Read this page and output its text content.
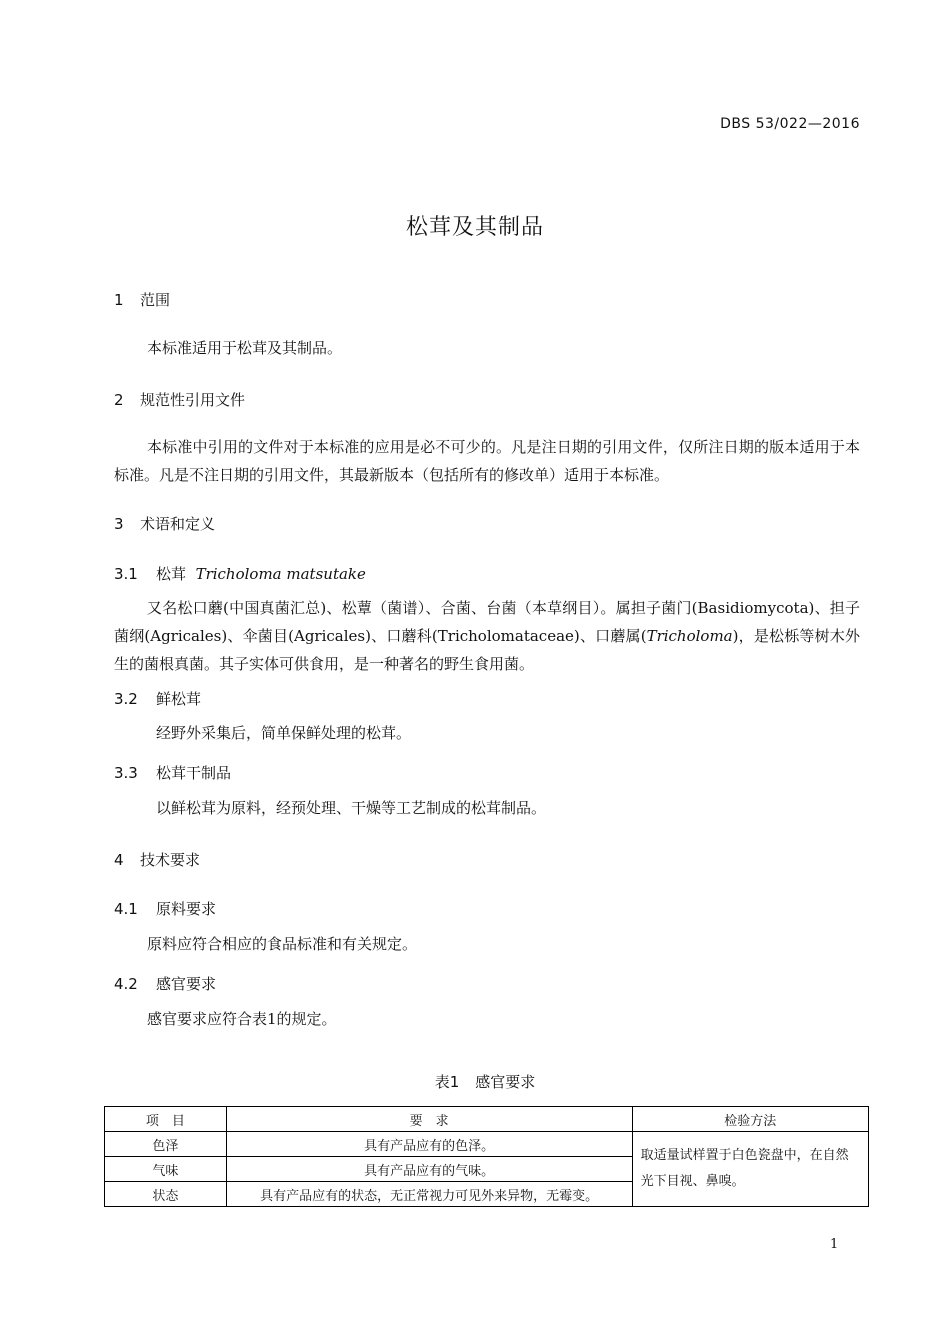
DBS 53/022—2016
松茸及其制品
1 范围
本标准适用于松茸及其制品。
2 规范性引用文件
本标准中引用的文件对于本标准的应用是必不可少的。凡是注日期的引用文件，仅所注日期的版本适用于本标准。凡是不注日期的引用文件，其最新版本（包括所有的修改单）适用于本标准。
3 术语和定义
3.1 松茸 Tricholoma matsutake
又名松口蘑(中国真菌汇总)、松蕈（菌谱）、合菌、台菌（本草纲目）。属担子菌门(Basidiomycota)、担子菌纲(Agricales)、伞菌目(Agricales)、口蘑科(Tricholomataceae)、口蘑属(Tricholoma)，是松栎等树木外生的菌根真菌。其子实体可供食用，是一种著名的野生食用菌。
3.2 鲜松茸
经野外采集后，简单保鲜处理的松茸。
3.3 松茸干制品
以鲜松茸为原料，经预处理、干燥等工艺制成的松茸制品。
4 技术要求
4.1 原料要求
原料应符合相应的食品标准和有关规定。
4.2 感官要求
感官要求应符合表1的规定。
表1 感官要求
项　目	要　求	检验方法
色泽	具有产品应有的色泽。	取适量试样置于白色瓷盘中，在自然光下目视、鼻嗅。
气味	具有产品应有的气味。	
状态	具有产品应有的状态，无正常视力可见外来异物，无霉变。	
1
